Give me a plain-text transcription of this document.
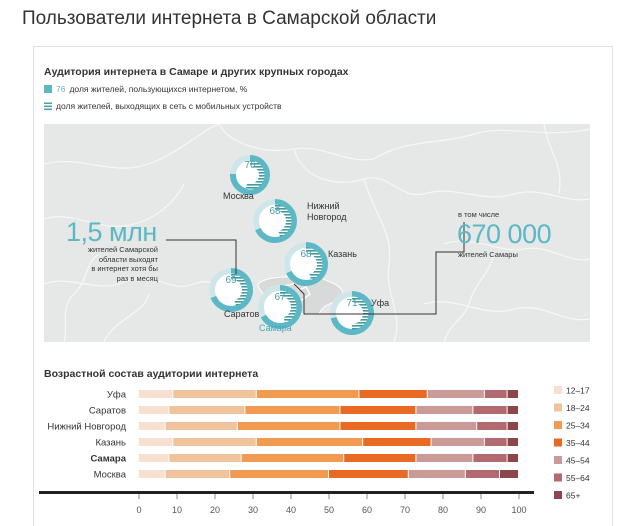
Пользователи интернета в Самарской области
Аудитория интернета в Самаре и других крупных городах
76 доля жителей, пользующихся интернетом, %
доля жителей, выходящих в сеть с мобильных устройств
76
68
68
69
67
71
Москва
Нижний
Новгород
Казань
Саратов
Самара
Уфа
1,5 млн
жителей Самарской
области выходят
в интернет хотя бы
раз в месяц
в том числе
670 000
жителей Самары
Возрастной состав аудитории интернета
Уфа
Саратов
Нижний Новгород
Казань
Самара
Москва
0	10	20	30	40	50	60	70	80	90	100
12–17
18–24
25–34
35–44
45–54
55–64
65+
